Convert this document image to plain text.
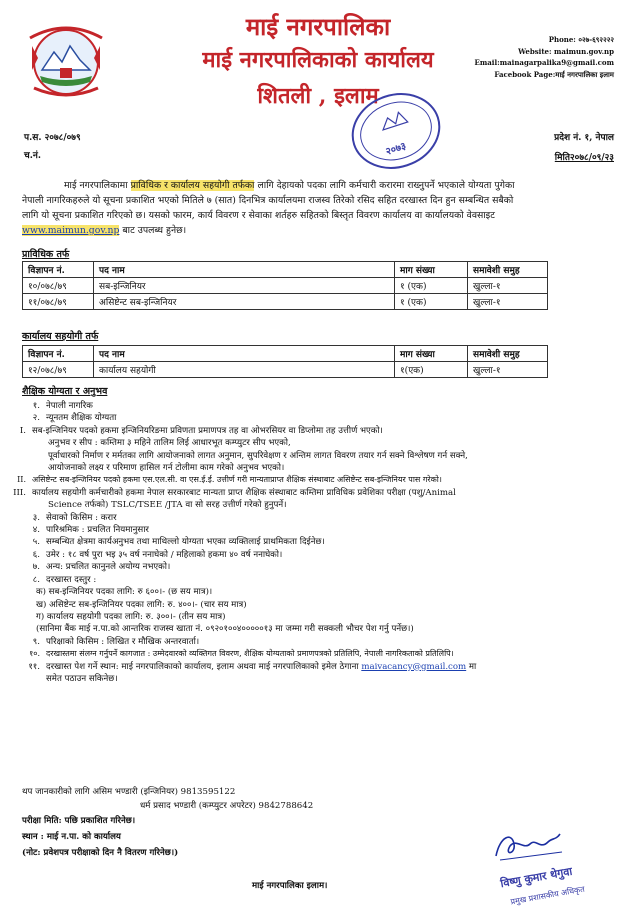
माई नगरपालिका
माई नगरपालिकाको कार्यालय
शितली , इलाम
Phone: ०२७-६९२२२२
Website: maimun.gov.np
Email:mainagarpalika9@gmail.com
Facebook Page:माई नगरपालिका इलाम
प.स. २०७८/०७९
च.नं.
प्रदेश नं. १, नेपाल
मिति२०७८/०९/२३
२०७३
माई नगरपालिकामा प्राविधिक र कार्यालय सहयोगी तर्फका लागि देहायको पदका लागि कर्मचारी करारमा राख्नुपर्ने भएकाले योग्यता पुगेका
नेपाली नागरिकहरुले यो सूचना प्रकाशित भएको मितिले ७ (सात) दिनभित्र कार्यालयमा राजस्व तिरेको रसिद सहित दरखास्त दिन हुन सम्बन्धित सबैको
लागि यो सूचना प्रकाशित गरिएको छ। यसको फारम, कार्य विवरण र सेवाका शर्तहरु सहितको बिस्तृत विवरण कार्यालय वा कार्यालयको वेवसाइट
www.maimun.gov.np बाट उपलब्ध हुनेछ।
प्राविधिक तर्फ
विज्ञापन नं.	पद नाम	माग संख्या	समावेशी समुह
१०/०७८/७९	सब-इन्जिनियर	१ (एक)	खुल्ला-१
११/०७८/७९	असिष्टेन्ट सब-इन्जिनियर	१ (एक)	खुल्ला-१
कार्यालय सहयोगी तर्फ
विज्ञापन नं.	पद नाम	माग संख्या	समावेशी समुह
१२/०७८/७९	कार्यालय सहयोगी	१(एक)	खुल्ला-१
शैक्षिक योग्यता र अनुभव
१. नेपाली नागरिक
२. न्यूनतम शैक्षिक योग्यता
I. सब-इन्जिनियर पदको हकमा इन्जिनियरिङमा प्रविणता प्रमाणपत्र तह वा ओभरसियर वा डिप्लोमा तह उत्तीर्ण भएको।
अनुभव र सीप : कम्तिमा ३ महिने तालिम लिई आधारभूत कम्प्युटर सीप भएको,
पूर्वाधारको निर्माण र मर्मतका लागि आयोजनाको लागत अनुमान, सुपरिवेक्षण र अन्तिम लागत विवरण तयार गर्न सक्ने विश्लेषण गर्न सक्ने,
आयोजनाको लक्ष्य र परिमाण हासिल गर्न टोलीमा काम गरेको अनुभव भएको।
II. असिष्टेन्ट सब-इन्जिनियर पदको हकमा एस.एल.सी. वा एस.ई.ई. उत्तीर्ण गरी मान्यताप्राप्त शैक्षिक संस्थाबाट असिष्टेन्ट सब-इन्जिनियर पास गरेको।
III. कार्यालय सहयोगी कर्मचारीको हकमा नेपाल सरकारबाट मान्यता प्राप्त शैक्षिक संस्थाबाट कम्तिमा प्राविधिक प्रवेशिका परीक्षा (पशु/Animal
Science तर्फको) TSLC/TSEE /JTA वा सो सरह उत्तीर्ण गरेको हुनुपर्ने।
३. सेवाको किसिम : करार
४. पारिश्रमिक : प्रचलित नियमानुसार
५. सम्बन्धित क्षेत्रमा कार्यअनुभव तथा माथिल्लो योग्यता भएका व्यक्तिलाई प्राथमिकता दिईनेछ।
६. उमेर : १८ वर्ष पुरा भइ ३५ वर्ष ननाघेको / महिलाको हकमा ४० वर्ष ननाघेको।
७. अन्य: प्रचलित कानुनले अयोग्य नभएको।
८. दरखास्त दस्तुर :
क) सब-इन्जिनियर पदका लागि: रु ६००।- (छ सय मात्र)।
ख) असिष्टेन्ट सब-इन्जिनियर पदका लागि: रु. ४००।- (चार सय मात्र)
ग) कार्यालय सहयोगी पदका लागि: रु. ३००।- (तीन सय मात्र)
(सानिमा बैंक माई न.पा.को आन्तरिक राजस्व खाता नं. ०९२०१००४०००००१३ मा जम्मा गरी सक्कली भौचर पेश गर्नु पर्नेछ।)
९. परिक्षाको किसिम : लिखित र मौखिक अन्तरवार्ता।
१०. दरखास्तमा संलग्न गर्नुपर्ने कागजात : उम्मेदवारको व्यक्तिगत विवरण, शैक्षिक योग्यताको प्रमाणपत्रको प्रतिलिपि, नेपाली नागरिकताको प्रतिलिपि।
११. दरखास्त पेश गर्ने स्थान: माई नगरपालिकाको कार्यालय, इलाम अथवा माई नगरपालिकाको इमेल ठेगाना maivacancy@gmail.com मा
समेत पठाउन सकिनेछ।
थप जानकारीको लागि असिम भण्डारी (इन्जिनियर) 9813595122
धर्म प्रसाद भण्डारी (कम्प्युटर अपरेटर) 9842788642
परीक्षा मिति: पछि प्रकाशित गरिनेछ।
स्थान : माई न.पा. को कार्यालय
(नोट: प्रवेशपत्र परीक्षाको दिन नै वितरण गरिनेछ।)
माई नगरपालिका इलाम।	विष्णु कुमार थेगुवा
प्रमुख प्रशासकीय अधिकृत
